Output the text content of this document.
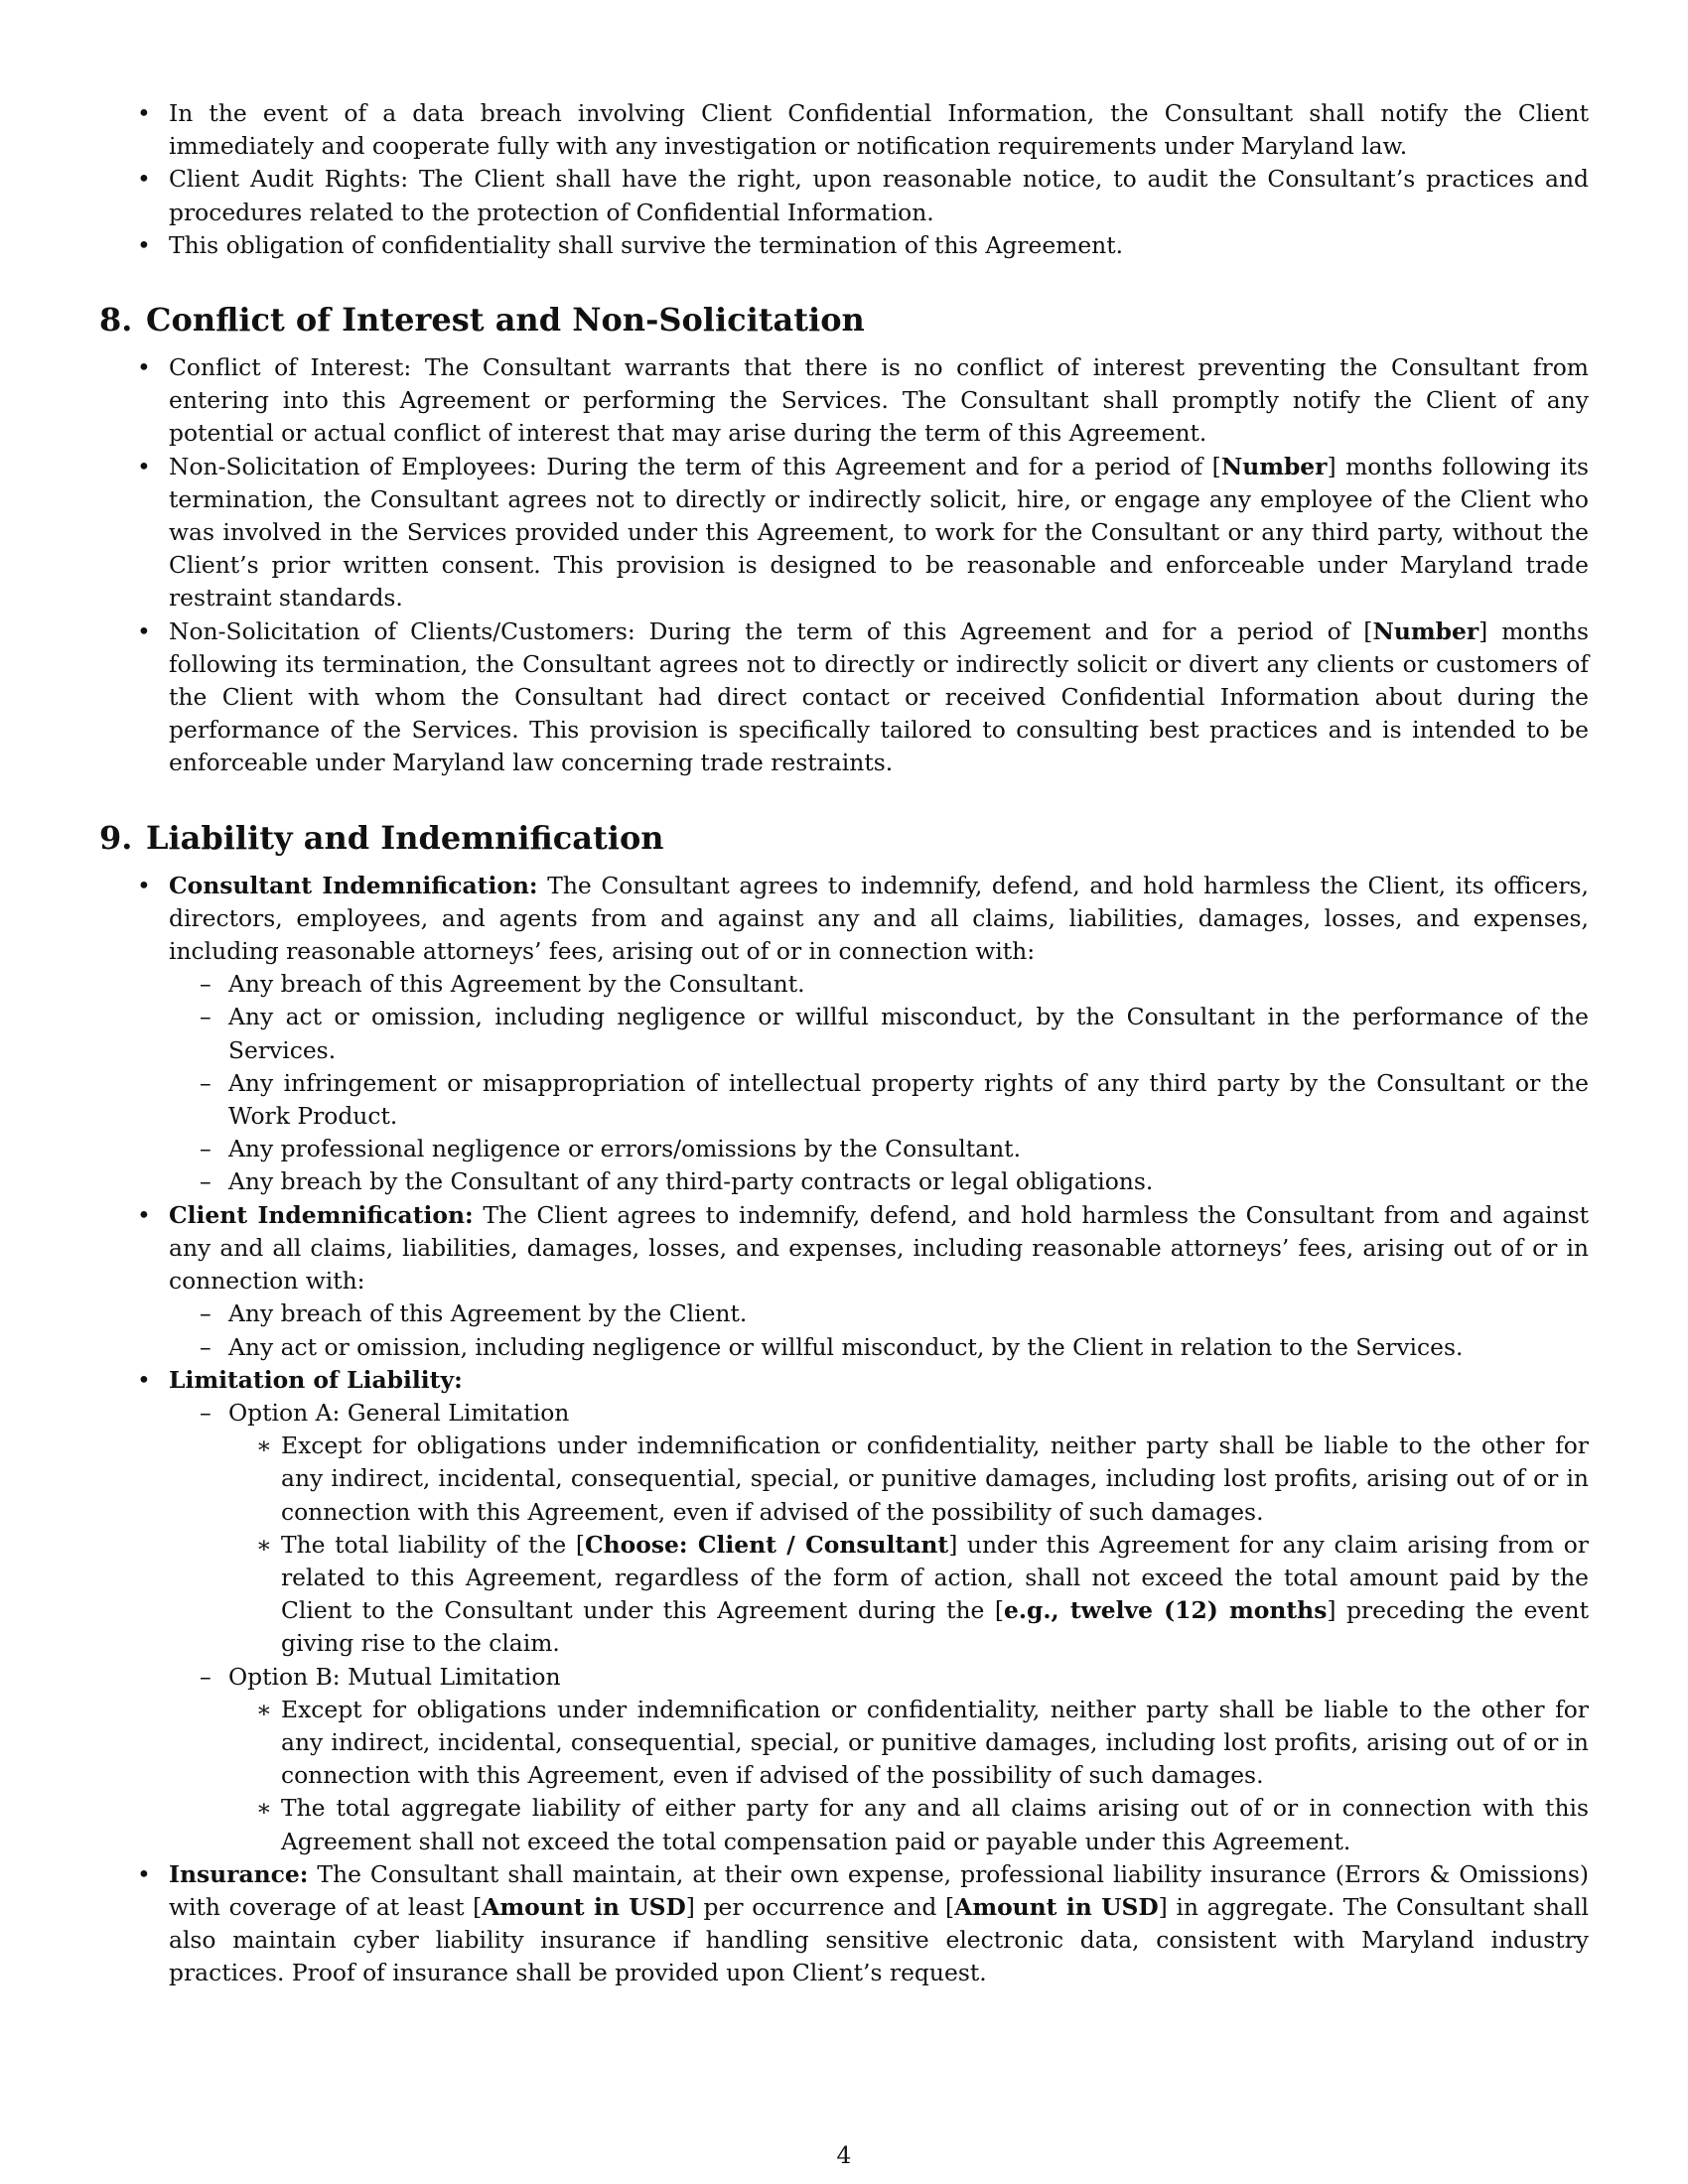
• In the event of a data breach involving Client Confidential Information, the Consultant shall notify the Client immediately and cooperate fully with any investigation or notification requirements under Maryland law.
• Client Audit Rights: The Client shall have the right, upon reasonable notice, to audit the Consultant’s practices and procedures related to the protection of Confidential Information.
• This obligation of confidentiality shall survive the termination of this Agreement.
8. Conflict of Interest and Non-Solicitation
• Conflict of Interest: The Consultant warrants that there is no conflict of interest preventing the Consultant from entering into this Agreement or performing the Services. The Consultant shall promptly notify the Client of any potential or actual conflict of interest that may arise during the term of this Agreement.
• Non-Solicitation of Employees: During the term of this Agreement and for a period of [Number] months following its termination, the Consultant agrees not to directly or indirectly solicit, hire, or engage any employee of the Client who was involved in the Services provided under this Agreement, to work for the Consultant or any third party, without the Client’s prior written consent. This provision is designed to be reasonable and enforceable under Maryland trade restraint standards.
• Non-Solicitation of Clients/Customers: During the term of this Agreement and for a period of [Number] months following its termination, the Consultant agrees not to directly or indirectly solicit or divert any clients or customers of the Client with whom the Consultant had direct contact or received Confidential Information about during the performance of the Services. This provision is specifically tailored to consulting best practices and is intended to be enforceable under Maryland law concerning trade restraints.
9. Liability and Indemnification
• Consultant Indemnification: The Consultant agrees to indemnify, defend, and hold harmless the Client, its officers, directors, employees, and agents from and against any and all claims, liabilities, damages, losses, and expenses, including reasonable attorneys’ fees, arising out of or in connection with:
– Any breach of this Agreement by the Consultant.
– Any act or omission, including negligence or willful misconduct, by the Consultant in the performance of the Services.
– Any infringement or misappropriation of intellectual property rights of any third party by the Consultant or the Work Product.
– Any professional negligence or errors/omissions by the Consultant.
– Any breach by the Consultant of any third-party contracts or legal obligations.
• Client Indemnification: The Client agrees to indemnify, defend, and hold harmless the Consultant from and against any and all claims, liabilities, damages, losses, and expenses, including reasonable attorneys’ fees, arising out of or in connection with:
– Any breach of this Agreement by the Client.
– Any act or omission, including negligence or willful misconduct, by the Client in relation to the Services.
• Limitation of Liability:
– Option A: General Limitation
∗ Except for obligations under indemnification or confidentiality, neither party shall be liable to the other for any indirect, incidental, consequential, special, or punitive damages, including lost profits, arising out of or in connection with this Agreement, even if advised of the possibility of such damages.
∗ The total liability of the [Choose: Client / Consultant] under this Agreement for any claim arising from or related to this Agreement, regardless of the form of action, shall not exceed the total amount paid by the Client to the Consultant under this Agreement during the [e.g., twelve (12) months] preceding the event giving rise to the claim.
– Option B: Mutual Limitation
∗ Except for obligations under indemnification or confidentiality, neither party shall be liable to the other for any indirect, incidental, consequential, special, or punitive damages, including lost profits, arising out of or in connection with this Agreement, even if advised of the possibility of such damages.
∗ The total aggregate liability of either party for any and all claims arising out of or in connection with this Agreement shall not exceed the total compensation paid or payable under this Agreement.
• Insurance: The Consultant shall maintain, at their own expense, professional liability insurance (Errors & Omissions) with coverage of at least [Amount in USD] per occurrence and [Amount in USD] in aggregate. The Consultant shall also maintain cyber liability insurance if handling sensitive electronic data, consistent with Maryland industry practices. Proof of insurance shall be provided upon Client’s request.
4
